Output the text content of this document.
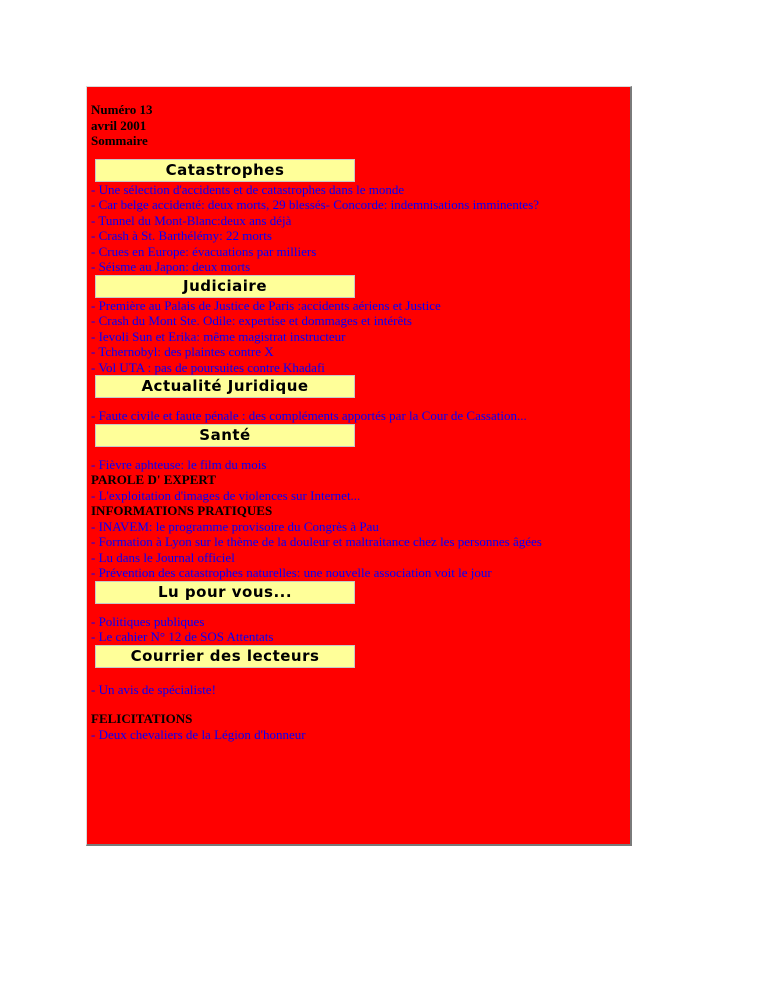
Numéro 13
avril 2001
Sommaire
Catastrophes
- Une sélection d'accidents et de catastrophes dans le monde
- Car belge accidenté: deux morts, 29 blessés- Concorde: indemnisations imminentes?
- Tunnel du Mont-Blanc:deux ans déjà
- Crash à St. Barthélémy: 22 morts
- Crues en Europe: évacuations par milliers
- Séisme au Japon: deux morts
Judiciaire
- Première au Palais de Justice de Paris :accidents aériens et Justice
- Crash du Mont Ste. Odile: expertise et dommages et intérêts
- Ievoli Sun et Erika: même magistrat instructeur
- Tchernobyl: des plaintes contre X
- Vol UTA : pas de poursuites contre Khadafi
Actualité Juridique
- Faute civile et faute pénale : des compléments apportés par la Cour de Cassation...
Santé
- Fièvre aphteuse: le film du mois
PAROLE D' EXPERT
- L'exploitation d'images de violences sur Internet...
INFORMATIONS PRATIQUES
- INAVEM: le programme provisoire du Congrès à Pau
- Formation à Lyon sur le thème de la douleur et maltraitance chez les personnes âgées
- Lu dans le Journal officiel
- Prévention des catastrophes naturelles: une nouvelle association voit le jour
Lu pour vous...
- Politiques publiques
- Le cahier N° 12 de SOS Attentats
Courrier des lecteurs
- Un avis de spécialiste!
FELICITATIONS
- Deux chevaliers de la Légion d'honneur
